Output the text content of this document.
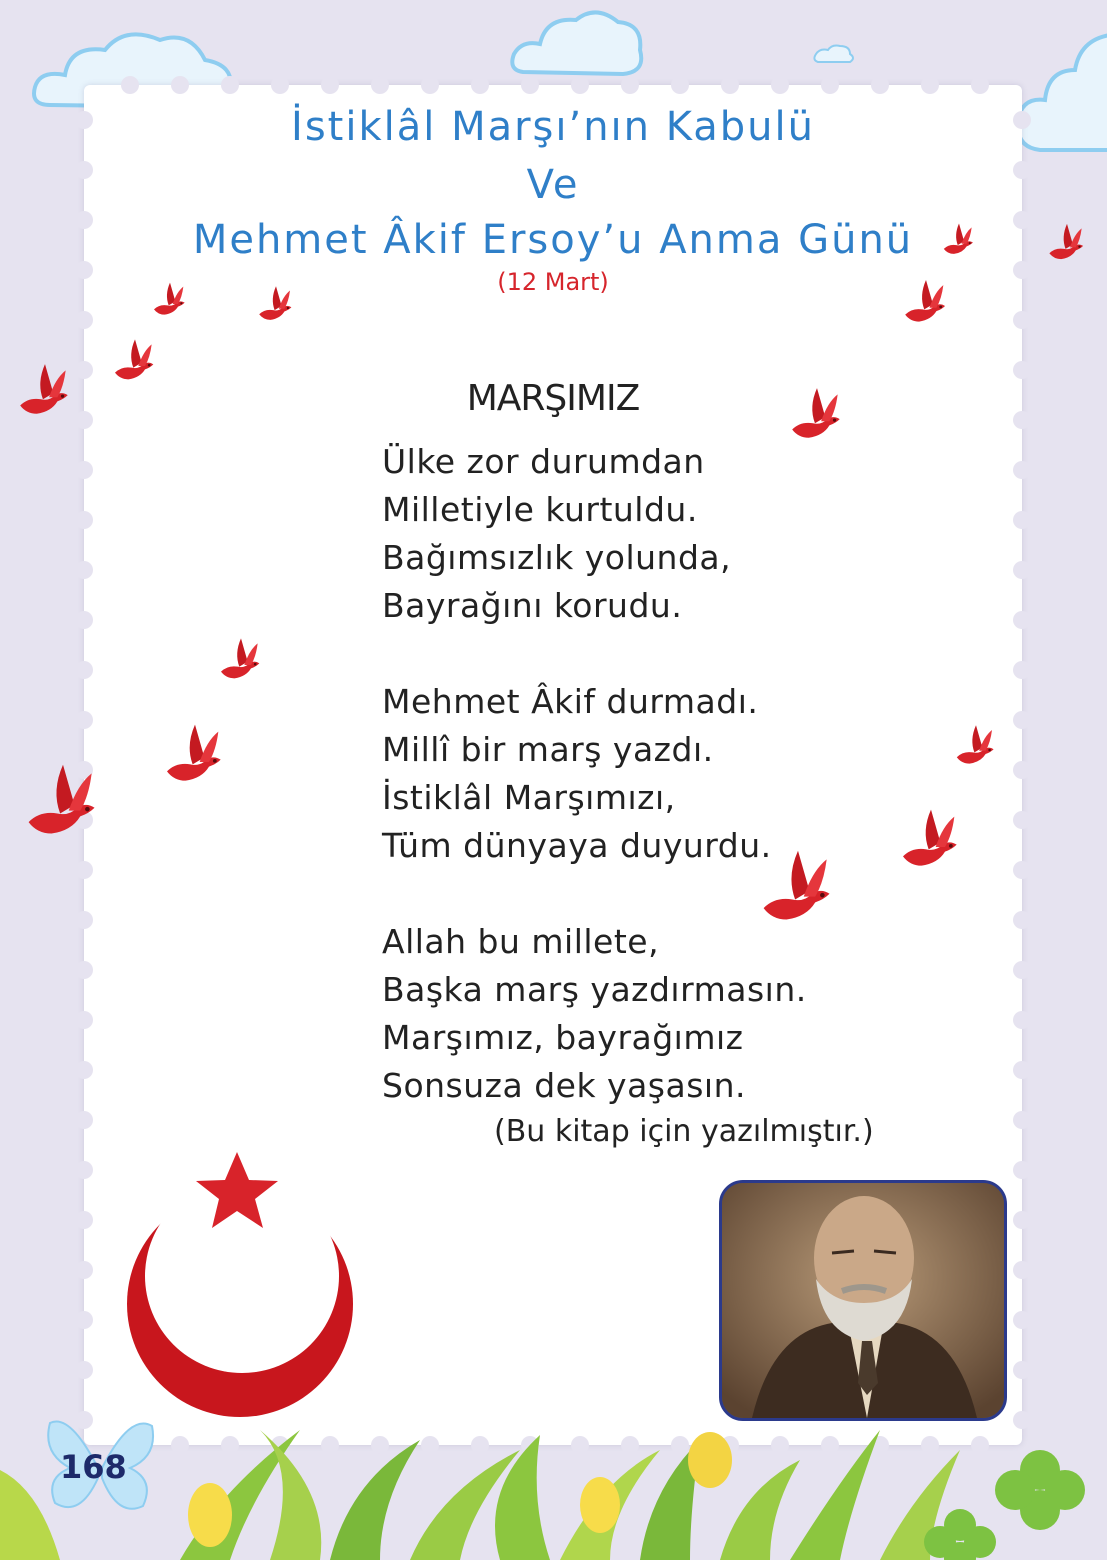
İstiklâl Marşı’nın Kabulü
Ve
Mehmet Âkif Ersoy’u Anma Günü
(12 Mart)
MARŞIMIZ
Ülke zor durumdan
Milletiyle kurtuldu.
Bağımsızlık yolunda,
Bayrağını korudu.
Mehmet Âkif durmadı.
Millî bir marş yazdı.
İstiklâl Marşımızı,
Tüm dünyaya duyurdu.
Allah bu millete,
Başka marş yazdırmasın.
Marşımız, bayrağımız
Sonsuza dek yaşasın.
(Bu kitap için yazılmıştır.)
168
